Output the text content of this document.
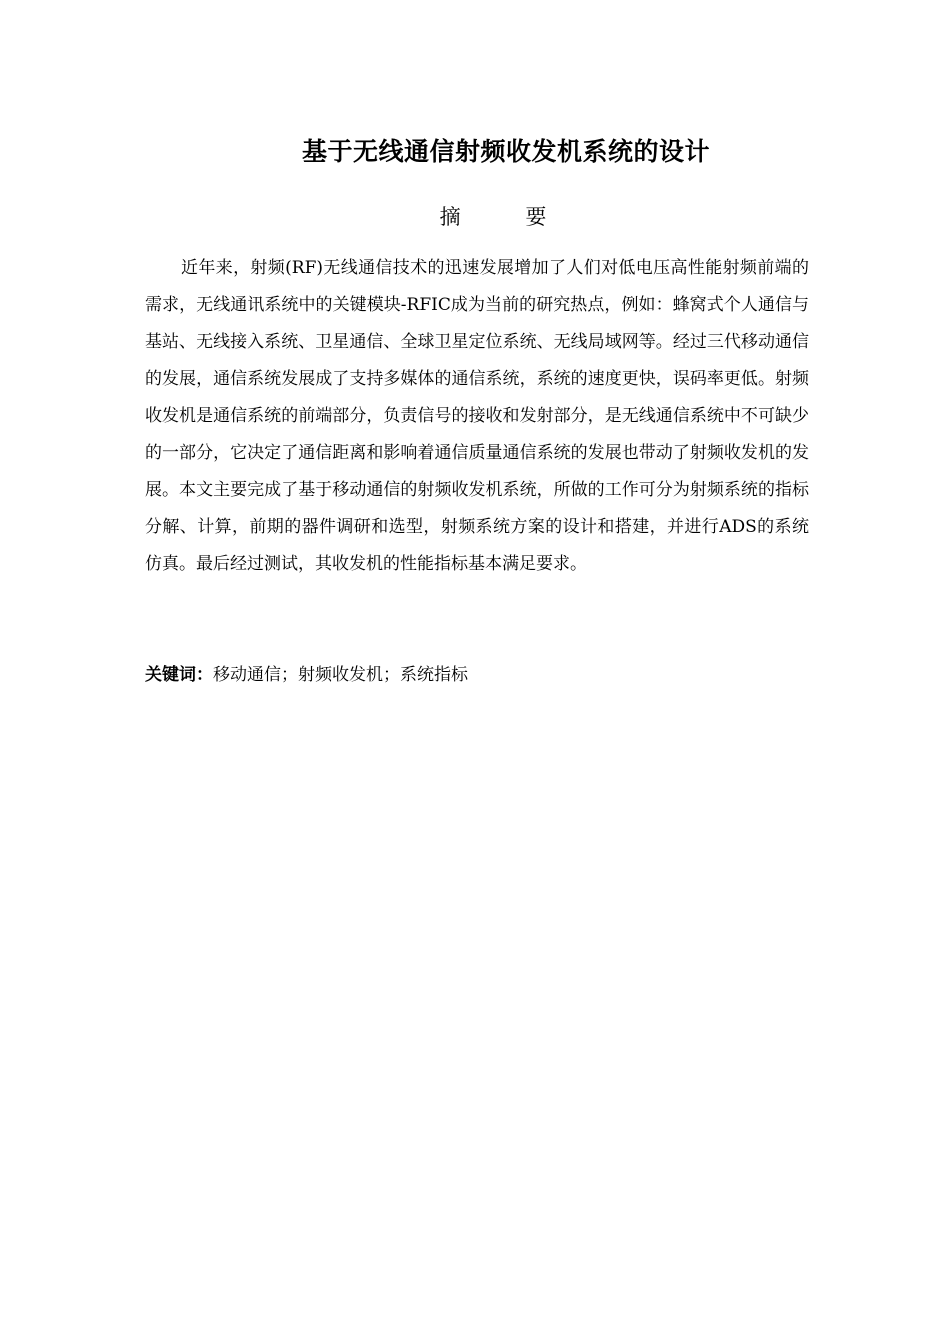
基于无线通信射频收发机系统的设计
摘 要

近年来，射频(RF)无线通信技术的迅速发展增加了人们对低电压高性能射频前端的需求，无线通讯系统中的关键模块-RFIC成为当前的研究热点，例如：蜂窝式个人通信与基站、无线接入系统、卫星通信、全球卫星定位系统、无线局域网等。经过三代移动通信的发展，通信系统发展成了支持多媒体的通信系统，系统的速度更快，误码率更低。射频收发机是通信系统的前端部分，负责信号的接收和发射部分，是无线通信系统中不可缺少的一部分，它决定了通信距离和影响着通信质量通信系统的发展也带动了射频收发机的发展。本文主要完成了基于移动通信的射频收发机系统，所做的工作可分为射频系统的指标分解、计算，前期的器件调研和选型，射频系统方案的设计和搭建，并进行ADS的系统仿真。最后经过测试，其收发机的性能指标基本满足要求。

关键词：移动通信；射频收发机；系统指标
